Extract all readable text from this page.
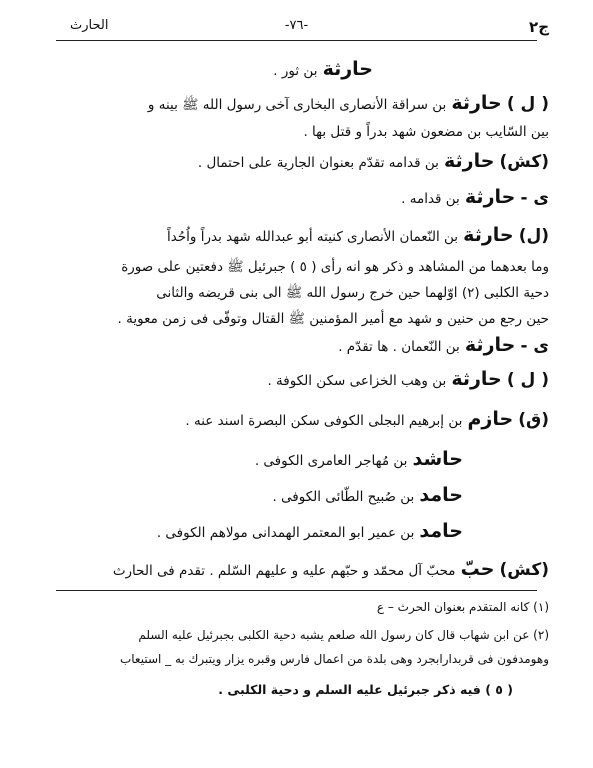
ج۲
-۷٦-
الحارث
حارثة بن ثور .
( ل ) حارثة بن سراقة الأنصارى البخارى آخى رسول الله ﷺ بينه و
بين السّايب بن مضعون شهد بدراً و قتل بها .
(كش) حارثة بن قدامه تقدّم بعنوان الجارية على احتمال .
ى - حارثة بن قدامه .
(ل) حارثة بن النّعمان الأنصارى كنيته أبو عبدالله شهد بدراً واُحُداً
وما بعدهما من المشاهد و ذكر هو انه رأى ( ٥ ) جبرئيل ﷺ دفعتين على صورة
دحية الكلبى (٢) اوّلهما حين خرج رسول الله ﷺ الى بنى قريضه والثانى
حين رجع من حنين و شهد مع أمير المؤمنين ﷺ القتال وتوفّى فى زمن معوية .
ى - حارثة بن النّعمان . ها تقدّم .
( ل ) حارثة بن وهب الخزاعى سكن الكوفة .
(ق) حازم بن إبرهيم البجلى الكوفى سكن البصرة اسند عنه .
حاشد بن مُهاجر العامرى الكوفى .
حامد بن صُبيح الطّائى الكوفى .
حامد بن عمير ابو المعتمر الهمدانى مولاهم الكوفى .
(كش) حبّ محبّ آل محمّد و حبّهم عليه و عليهم السّلم . تقدم فى الحارث
(١) كانه المتقدم بعنوان الحرث – ع
(٢) عن ابن شهاب قال كان رسول الله صلعم يشبه دحية الكلبى بجبرئيل عليه السلم
وهومدفون فى قربدارابجرد وهى بلدة من اعمال فارس وقبره يزار ويتبرك به _ استيعاب
( ٥ ) فيه ذكر جبرئيل عليه السلم و دحية الكلبى .
